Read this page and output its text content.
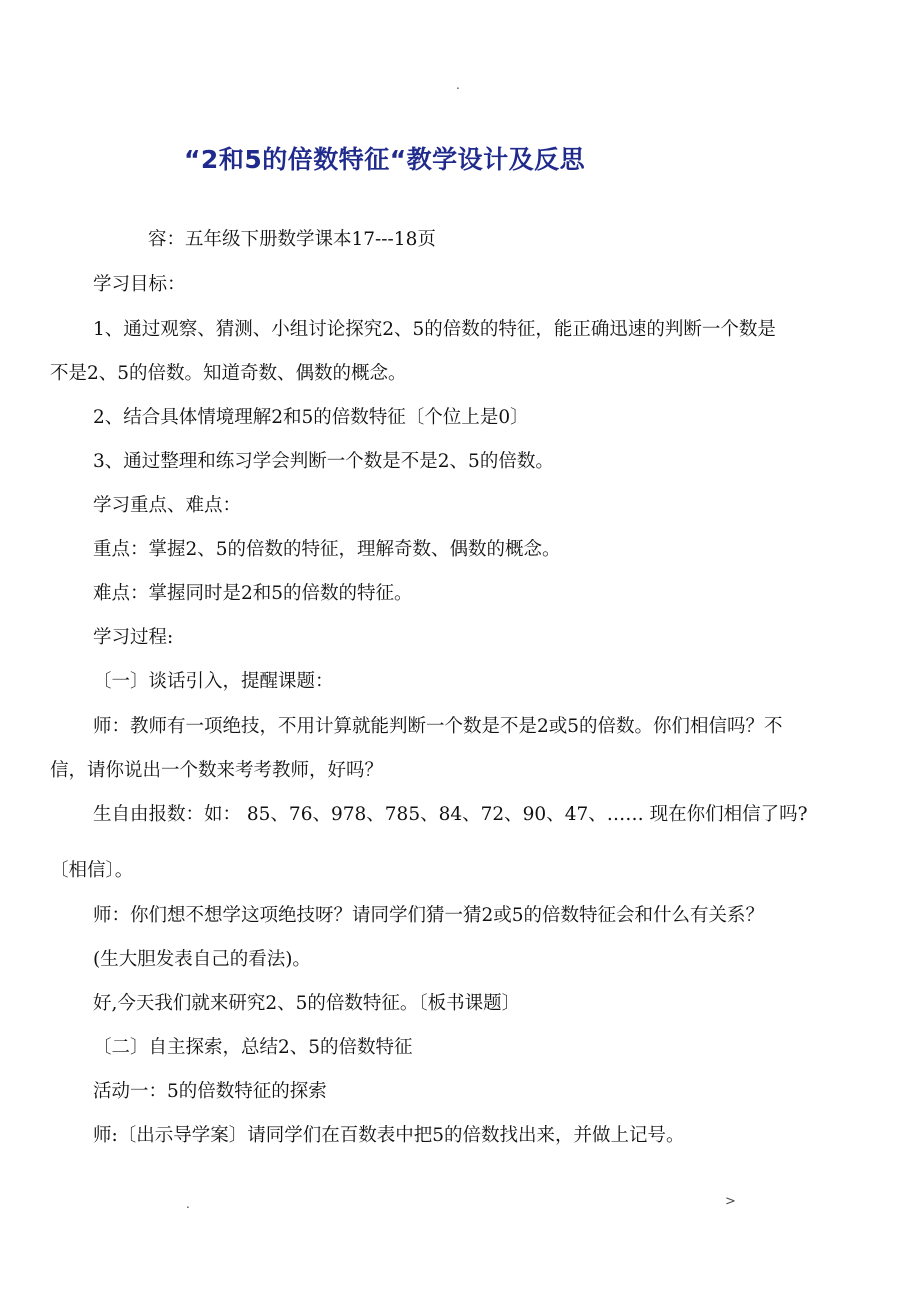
.
“2和5的倍数特征“教学设计及反思
容：五年级下册数学课本17---18页
学习目标：
1、通过观察、猜测、小组讨论探究2、5的倍数的特征，能正确迅速的判断一个数是
不是2、5的倍数。知道奇数、偶数的概念。
2、结合具体情境理解2和5的倍数特征〔个位上是0〕
3、通过整理和练习学会判断一个数是不是2、5的倍数。
学习重点、难点：
重点：掌握2、5的倍数的特征，理解奇数、偶数的概念。
难点：掌握同时是2和5的倍数的特征。
学习过程:
〔一〕谈话引入，提醒课题：
师：教师有一项绝技，不用计算就能判断一个数是不是2或5的倍数。你们相信吗？不
信，请你说出一个数来考考教师，好吗？
生自由报数：如： 85、76、978、785、84、72、90、47、…… 现在你们相信了吗?
〔相信〕。
师：你们想不想学这项绝技呀？请同学们猜一猜2或5的倍数特征会和什么有关系？
(生大胆发表自己的看法)。
好,今天我们就来研究2、5的倍数特征。〔板书课题〕
〔二〕自主探索，总结2、5的倍数特征
活动一：5的倍数特征的探索
师:〔出示导学案〕请同学们在百数表中把5的倍数找出来，并做上记号。
.	>
